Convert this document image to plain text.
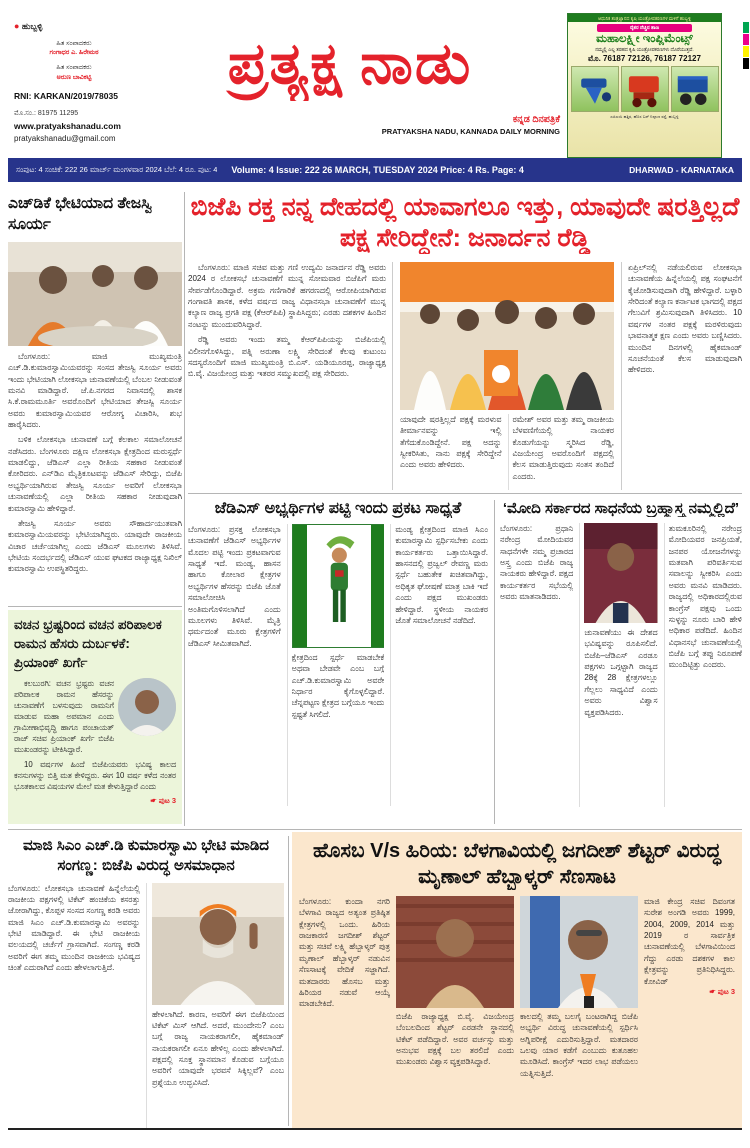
● ಹುಬ್ಬಳ್ಳಿ
ಹಿತ ಸಂಪಾದಕರು
ಗಂಗಾಧರ ಎ. ಹಿರೇಮಠ
ಹಿತ ಸಂಪಾದಕರು
ಅರುಣ ಬಾವಿಕಟ್ಟಿ
RNI: KARKAN/2019/78035
ಮೊ.ಸಂ.: 81975 11295
www.pratyakshanadu.com
pratyakshanadu@gmail.com
ಪ್ರತ್ಯಕ್ಷ ನಾಡು
ಕನ್ನಡ ದಿನಪತ್ರಿಕೆ
PRATYAKSHA NADU, KANNADA DAILY MORNING
ಆಧುನಿಕ ತಂತ್ರಜ್ಞಾನದ ಕೃಷಿ ಯಂತ್ರೋಪಕರಣಗಳ ಮಳಿಗೆ ಹುಬ್ಬಳ್ಳಿ
ರೈತರ ನೆಚ್ಚಿನ ತಾಣ
ಮಹಾಲಕ್ಷ್ಮೀ ಇಂಪ್ಲಿಮೆಂಟ್ಸ್
ನಮ್ಮಲ್ಲಿ ಎಲ್ಲ ತರಹದ ಕೃಷಿ ಯಂತ್ರೋಪಕರಣಗಳು ದೊರೆಯುತ್ತವೆ.
ಮೊ. 76187 72126, 76187 72127
ಎಪಿಎಂಸಿ ಹತ್ತಿರ, ಹೊಸ ಬಸ್ ನಿಲ್ದಾಣ ರಸ್ತೆ, ಹುಬ್ಬಳ್ಳಿ
ಸಂಪುಟ: 4 ಸಂಚಿಕೆ: 222 26 ಮಾರ್ಚ್ ಮಂಗಳವಾರ 2024 ಬೆಲೆ: 4 ರೂ. ಪುಟ: 4 Volume: 4 Issue: 222 26 MARCH, TUESDAY 2024 Price: 4 Rs. Page: 4	DHARWAD - KARNATAKA
ಎಚ್‌ಡಿಕೆ ಭೇಟಿಯಾದ ತೇಜಸ್ವಿ ಸೂರ್ಯ

ಬೆಂಗಳೂರು: ಮಾಜಿ ಮುಖ್ಯಮಂತ್ರಿ ಎಚ್.ಡಿ.ಕುಮಾರಸ್ವಾಮಿಯವರನ್ನು ಸಂಸದ ತೇಜಸ್ವಿ ಸೂರ್ಯ ಅವರು ಇಂದು ಭೇಟಿಯಾಗಿ ಲೋಕಸಭಾ ಚುನಾವಣೆಯಲ್ಲಿ ಬೆಂಬಲ ನೀಡುವಂತೆ ಮನವಿ ಮಾಡಿದ್ದಾರೆ. ಜೆ.ಪಿ.ನಗರದ ನಿವಾಸದಲ್ಲಿ ಶಾಸಕ ಸಿ.ಕೆ.ರಾಮಮೂರ್ತಿ ಅವರೊಂದಿಗೆ ಭೇಟಿಯಾದ ತೇಜಸ್ವಿ ಸೂರ್ಯ ಅವರು ಕುಮಾರಸ್ವಾಮಿಯವರ ಆರೋಗ್ಯ ವಿಚಾರಿಸಿ, ಶುಭ ಹಾರೈಸಿದರು.

ಬಳಿಕ ಲೋಕಸಭಾ ಚುನಾವಣೆ ಬಗ್ಗೆ ಕೆಲಕಾಲ ಸಮಾಲೋಚನೆ ನಡೆಸಿದರು. ಬೆಂಗಳೂರು ದಕ್ಷಿಣ ಲೋಕಸಭಾ ಕ್ಷೇತ್ರದಿಂದ ಮರುಸ್ಪರ್ಧೆ ಮಾಡಲಿದ್ದು, ಜೆಡಿಎಸ್ ಎಲ್ಲಾ ರೀತಿಯ ಸಹಕಾರ ನೀಡುವಂತೆ ಕೋರಿದರು. ಎನ್‌ಡಿಎ ಮೈತ್ರಿಕೂಟವನ್ನು ಜೆಡಿಎಸ್ ಸೇರಿದ್ದು, ಬಿಜೆಪಿ ಅಭ್ಯರ್ಥಿಯಾಗಿರುವ ತೇಜಸ್ವಿ ಸೂರ್ಯ ಅವರಿಗೆ ಲೋಕಸಭಾ ಚುನಾವಣೆಯಲ್ಲಿ ಎಲ್ಲಾ ರೀತಿಯ ಸಹಕಾರ ನೀಡುವುದಾಗಿ ಕುಮಾರಸ್ವಾಮಿ ಹೇಳಿದ್ದಾರೆ.

ತೇಜಸ್ವಿ ಸೂರ್ಯ ಅವರು ಸೌಹಾರ್ದಯುತವಾಗಿ ಕುಮಾರಸ್ವಾಮಿಯವರನ್ನು ಭೇಟಿಯಾಗಿದ್ದರು. ಯಾವುದೇ ರಾಜಕೀಯ ವಿಚಾರ ಚರ್ಚೆಯಾಗಿಲ್ಲ ಎಂದು ಜೆಡಿಎಸ್ ಮೂಲಗಳು ತಿಳಿಸಿವೆ. ಭೇಟಿಯ ಸಂದರ್ಭದಲ್ಲಿ ಜೆಡಿಎಸ್ ಯುವ ಘಟಕದ ರಾಜ್ಯಾಧ್ಯಕ್ಷ ನಿಖಿಲ್ ಕುಮಾರಸ್ವಾಮಿ ಉಪಸ್ಥಿತರಿದ್ದರು.

ಬಿಜೆಪಿ ರಕ್ತ ನನ್ನ ದೇಹದಲ್ಲಿ ಯಾವಾಗಲೂ ಇತ್ತು, ಯಾವುದೇ ಷರತ್ತಿಲ್ಲದೆ ಪಕ್ಷ ಸೇರಿದ್ದೇನೆ: ಜನಾರ್ದನ ರೆಡ್ಡಿ

ಬೆಂಗಳೂರು: ಮಾಜಿ ಸಚಿವ ಮತ್ತು ಗಣಿ ಉದ್ಯಮಿ ಜನಾರ್ದನ ರೆಡ್ಡಿ ಅವರು 2024 ರ ಲೋಕಸಭೆ ಚುನಾವಣೆಗೆ ಮುನ್ನ ಸೋಮವಾರ ಬಿಜೆಪಿಗೆ ಮರು ಸೇರ್ಪಡೆಗೊಂಡಿದ್ದಾರೆ. ಅಕ್ರಮ ಗಣಿಗಾರಿಕೆ ಹಗರಣದಲ್ಲಿ ಆರೋಪಿಯಾಗಿರುವ ಗಂಗಾವತಿ ಶಾಸಕ, ಕಳೆದ ವರ್ಷದ ರಾಜ್ಯ ವಿಧಾನಸಭಾ ಚುನಾವಣೆಗೆ ಮುನ್ನ ಕಲ್ಯಾಣ ರಾಜ್ಯ ಪ್ರಗತಿ ಪಕ್ಷ (ಕೆಆರ್‌ಪಿಪಿ) ಸ್ಥಾಪಿಸಿದ್ದರು; ಎರಡು ದಶಕಗಳ ಹಿಂದಿನ ನಂಟನ್ನು ಮುಂದುವರಿಸಿದ್ದಾರೆ.

ರೆಡ್ಡಿ ಅವರು ಇಂದು ತಮ್ಮ ಕೆಆರ್‌ಪಿಪಿಯನ್ನು ಬಿಜೆಪಿಯಲ್ಲಿ ವಿಲೀನಗೊಳಿಸಿದ್ದು, ಪತ್ನಿ ಅರುಣಾ ಲಕ್ಷ್ಮಿ ಸೇರಿದಂತೆ ಕೆಲವು ಕುಟುಂಬ ಸದಸ್ಯರೊಂದಿಗೆ ಮಾಜಿ ಮುಖ್ಯಮಂತ್ರಿ ಬಿ.ಎಸ್. ಯಡಿಯೂರಪ್ಪ, ರಾಜ್ಯಾಧ್ಯಕ್ಷ ಬಿ.ವೈ. ವಿಜಯೇಂದ್ರ ಮತ್ತು ಇತರರ ಸಮ್ಮುಖದಲ್ಲಿ ಪಕ್ಷ ಸೇರಿದರು.

ಯಾವುದೇ ಷರತ್ತಿಲ್ಲದೆ ಪಕ್ಷಕ್ಕೆ ಮರಳುವ ತೀರ್ಮಾನವನ್ನು ಇಲ್ಲಿ ತೆಗೆದುಕೊಂಡಿದ್ದೇನೆ. ಪಕ್ಷ ಅದನ್ನು ಸ್ವೀಕರಿಸಿತು, ನಾನು ಪಕ್ಷಕ್ಕೆ ಸೇರಿದ್ದೇನೆ ಎಂದು ಅವರು ಹೇಳಿದರು.
ರಮೇಶ್ ಅವರ ಮತ್ತು ತಮ್ಮ ರಾಜಕೀಯ ಬೆಳವಣಿಗೆಯಲ್ಲಿ ನಾಯಕರ ಕೊಡುಗೆಯನ್ನು ಸ್ಮರಿಸಿದ ರೆಡ್ಡಿ, ವಿಜಯೇಂದ್ರ ಅವರೊಂದಿಗೆ ಪಕ್ಷದಲ್ಲಿ ಕೆಲಸ ಮಾಡುತ್ತಿರುವುದು ಸಂತಸ ತಂದಿದೆ ಎಂದರು.
ಏಪ್ರಿಲ್‌ನಲ್ಲಿ ನಡೆಯಲಿರುವ ಲೋಕಸಭಾ ಚುನಾವಣೆಯ ಹಿನ್ನೆಲೆಯಲ್ಲಿ ಪಕ್ಷ ಸಂಘಟನೆಗೆ ಕೈಜೋಡಿಸುವುದಾಗಿ ರೆಡ್ಡಿ ಹೇಳಿದ್ದಾರೆ. ಬಳ್ಳಾರಿ ಸೇರಿದಂತೆ ಕಲ್ಯಾಣ ಕರ್ನಾಟಕ ಭಾಗದಲ್ಲಿ ಪಕ್ಷದ ಗೆಲುವಿಗೆ ಶ್ರಮಿಸುವುದಾಗಿ ತಿಳಿಸಿದರು. 10 ವರ್ಷಗಳ ನಂತರ ಪಕ್ಷಕ್ಕೆ ಮರಳಿರುವುದು ಭಾವನಾತ್ಮಕ ಕ್ಷಣ ಎಂದು ಅವರು ಬಣ್ಣಿಸಿದರು. ಮುಂದಿನ ದಿನಗಳಲ್ಲಿ ಹೈಕಮಾಂಡ್ ಸೂಚನೆಯಂತೆ ಕೆಲಸ ಮಾಡುವುದಾಗಿ ಹೇಳಿದರು.
ಜೆಡಿಎಸ್ ಅಭ್ಯರ್ಥಿಗಳ ಪಟ್ಟಿ ಇಂದು ಪ್ರಕಟ ಸಾಧ್ಯತೆ
ಬೆಂಗಳೂರು: ಪ್ರಸಕ್ತ ಲೋಕಸಭಾ ಚುನಾವಣೆಗೆ ಜೆಡಿಎಸ್ ಅಭ್ಯರ್ಥಿಗಳ ಮೊದಲ ಪಟ್ಟಿ ಇಂದು ಪ್ರಕಟವಾಗುವ ಸಾಧ್ಯತೆ ಇದೆ. ಮಂಡ್ಯ, ಹಾಸನ ಹಾಗೂ ಕೋಲಾರ ಕ್ಷೇತ್ರಗಳ ಅಭ್ಯರ್ಥಿಗಳ ಹೆಸರನ್ನು ಬಿಜೆಪಿ ಜೊತೆ ಸಮಾಲೋಚಿಸಿ ಅಂತಿಮಗೊಳಿಸಲಾಗಿದೆ ಎಂದು ಮೂಲಗಳು ತಿಳಿಸಿವೆ. ಮೈತ್ರಿ ಧರ್ಮದಂತೆ ಮೂರು ಕ್ಷೇತ್ರಗಳಿಗೆ ಜೆಡಿಎಸ್ ಸೀಮಿತವಾಗಿದೆ.
ಕ್ಷೇತ್ರದಿಂದ ಸ್ಪರ್ಧೆ ಮಾಡಬೇಕೆ ಅಥವಾ ಬೇಡವೇ ಎಂಬ ಬಗ್ಗೆ ಎಚ್.ಡಿ.ಕುಮಾರಸ್ವಾಮಿ ಅವರೇ ನಿರ್ಧಾರ ಕೈಗೊಳ್ಳಲಿದ್ದಾರೆ. ಚೆನ್ನಪಟ್ಟಣ ಕ್ಷೇತ್ರದ ಬಗ್ಗೆಯೂ ಇಂದು ಸ್ಪಷ್ಟತೆ ಸಿಗಲಿದೆ.
ಮಂಡ್ಯ ಕ್ಷೇತ್ರದಿಂದ ಮಾಜಿ ಸಿಎಂ ಕುಮಾರಸ್ವಾಮಿ ಸ್ಪರ್ಧಿಸಬೇಕು ಎಂದು ಕಾರ್ಯಕರ್ತರು ಒತ್ತಾಯಿಸಿದ್ದಾರೆ. ಹಾಸನದಲ್ಲಿ ಪ್ರಜ್ವಲ್ ರೇವಣ್ಣ ಮರು ಸ್ಪರ್ಧೆ ಬಹುತೇಕ ಖಚಿತವಾಗಿದ್ದು, ಅಧಿಕೃತ ಘೋಷಣೆ ಮಾತ್ರ ಬಾಕಿ ಇದೆ ಎಂದು ಪಕ್ಷದ ಮುಖಂಡರು ಹೇಳಿದ್ದಾರೆ. ಸ್ಥಳೀಯ ನಾಯಕರ ಜೊತೆ ಸಮಾಲೋಚನೆ ನಡೆದಿದೆ.
‘ಮೋದಿ ಸರ್ಕಾರದ ಸಾಧನೆಯ ಬ್ರಹ್ಮಾಸ್ತ್ರ ನಮ್ಮಲ್ಲಿದೆ’
ಬೆಂಗಳೂರು: ಪ್ರಧಾನಿ ನರೇಂದ್ರ ಮೋದಿಯವರ ಸಾಧನೆಗಳೇ ನಮ್ಮ ಪ್ರಚಾರದ ಅಸ್ತ್ರ ಎಂದು ಬಿಜೆಪಿ ರಾಜ್ಯ ನಾಯಕರು ಹೇಳಿದ್ದಾರೆ. ಪಕ್ಷದ ಕಾರ್ಯಕರ್ತರ ಸಭೆಯಲ್ಲಿ ಅವರು ಮಾತನಾಡಿದರು.
ಚುನಾವಣೆಯು ಈ ದೇಶದ ಭವಿಷ್ಯವನ್ನು ರೂಪಿಸಲಿದೆ. ಬಿಜೆಪಿ–ಜೆಡಿಎಸ್ ಎರಡೂ ಪಕ್ಷಗಳು ಒಗ್ಗಟ್ಟಾಗಿ ರಾಜ್ಯದ 28ಕ್ಕೆ 28 ಕ್ಷೇತ್ರಗಳಲ್ಲೂ ಗೆಲ್ಲಲು ಸಾಧ್ಯವಿದೆ ಎಂದು ಅವರು ವಿಶ್ವಾಸ ವ್ಯಕ್ತಪಡಿಸಿದರು.
ತುಮಕೂರಿನಲ್ಲಿ ನರೇಂದ್ರ ಮೋದಿಯವರ ಜನಪ್ರಿಯತೆ, ಜನಪರ ಯೋಜನೆಗಳನ್ನು ಮತವಾಗಿ ಪರಿವರ್ತಿಸುವ ಸವಾಲನ್ನು ಸ್ವೀಕರಿಸಿ ಎಂದು ಅವರು ಮನವಿ ಮಾಡಿದರು. ರಾಜ್ಯದಲ್ಲಿ ಅಧಿಕಾರದಲ್ಲಿರುವ ಕಾಂಗ್ರೆಸ್ ಪಕ್ಷವು ಒಂದು ಸುಳ್ಳನ್ನು ನೂರು ಬಾರಿ ಹೇಳಿ ಅಧಿಕಾರ ಪಡೆದಿದೆ. ಹಿಂದಿನ ವಿಧಾನಸಭೆ ಚುನಾವಣೆಯಲ್ಲಿ ಬಿಜೆಪಿ ಬಗ್ಗೆ ತಪ್ಪು ನಿರೂಪಣೆ ಮುಂದಿಟ್ಟಿತ್ತು ಎಂದರು.
ವಚನ ಭ್ರಷ್ಟರಿಂದ ವಚನ ಪರಿಪಾಲಕ ರಾಮನ ಹೆಸರು ದುರ್ಬಳಕೆ: ಪ್ರಿಯಾಂಕ್ ಖರ್ಗೆ

ಕಲಬುರಗಿ: ವಚನ ಭ್ರಷ್ಟರು ವಚನ ಪರಿಪಾಲಕ ರಾಮನ ಹೆಸರನ್ನು ಚುನಾವಣೆಗೆ ಬಳಸುವುದು ರಾಮನಿಗೆ ಮಾಡುವ ಮಹಾ ಅಪಮಾನ ಎಂದು ಗ್ರಾಮೀಣಾಭಿವೃದ್ಧಿ ಹಾಗೂ ಪಂಚಾಯತ್ ರಾಜ್ ಸಚಿವ ಪ್ರಿಯಾಂಕ್ ಖರ್ಗೆ ಬಿಜೆಪಿ ಮುಖಂಡರನ್ನು ಟೀಕಿಸಿದ್ದಾರೆ.

10 ವರ್ಷಗಳ ಹಿಂದೆ ಬಿಜೆಪಿಯವರು ಭವಿಷ್ಯ ಕಾಲದ ಕನಸುಗಳನ್ನು ಬಿತ್ತಿ ಮತ ಕೇಳಿದ್ದರು. ಈಗ 10 ವರ್ಷ ಕಳೆದ ನಂತರ ಭೂತಕಾಲದ ವಿಷಯಗಳ ಮೇಲೆ ಮತ ಕೇಳುತ್ತಿದ್ದಾರೆ ಎಂದು

☛ ಪುಟ 3
ಮಾಜಿ ಸಿಎಂ ಎಚ್.ಡಿ ಕುಮಾರಸ್ವಾಮಿ ಭೇಟಿ ಮಾಡಿದ ಸಂಗಣ್ಣ: ಬಿಜೆಪಿ ವಿರುದ್ಧ ಅಸಮಾಧಾನ
ಬೆಂಗಳೂರು: ಲೋಕಸಭಾ ಚುನಾವಣೆ ಹಿನ್ನೆಲೆಯಲ್ಲಿ ರಾಜಕೀಯ ಪಕ್ಷಗಳಲ್ಲಿ ಟಿಕೆಟ್ ಹಂಚಿಕೆಯ ಕಸರತ್ತು ಜೋರಾಗಿದ್ದು, ಕೊಪ್ಪಳ ಸಂಸದ ಸಂಗಣ್ಣ ಕರಡಿ ಅವರು ಮಾಜಿ ಸಿಎಂ ಎಚ್.ಡಿ.ಕುಮಾರಸ್ವಾಮಿ ಅವರನ್ನು ಭೇಟಿ ಮಾಡಿದ್ದಾರೆ. ಈ ಭೇಟಿ ರಾಜಕೀಯ ವಲಯದಲ್ಲಿ ಚರ್ಚೆಗೆ ಗ್ರಾಸವಾಗಿದೆ. ಸಂಗಣ್ಣ ಕರಡಿ ಅವರಿಗೆ ಈಗ ತಮ್ಮ ಮುಂದಿನ ರಾಜಕೀಯ ಭವಿಷ್ಯದ ಚಿಂತೆ ಎದುರಾಗಿದೆ ಎಂದು ಹೇಳಲಾಗುತ್ತಿದೆ.
ಹೇಳಲಾಗಿದೆ. ಕಾರಣ, ಅವರಿಗೆ ಈಗ ಬಿಜೆಪಿಯಿಂದ ಟಿಕೆಟ್ ಮಿಸ್ ಆಗಿದೆ. ಅದರೆ, ಮುಂದೇನು? ಎಂಬ ಬಗ್ಗೆ ರಾಜ್ಯ ನಾಯಕರಾಗಲೀ, ಹೈಕಮಾಂಡ್ ನಾಯಕರಾಗಲೀ ಏನೂ ಹೇಳಿಲ್ಲ ಎಂದು ಹೇಳಲಾಗಿದೆ. ಪಕ್ಷದಲ್ಲಿ ಸೂಕ್ತ ಸ್ಥಾನಮಾನ ಕೊಡುವ ಬಗ್ಗೆಯೂ ಅವರಿಗೆ ಯಾವುದೇ ಭರವಸೆ ಸಿಕ್ಕಿಲ್ಲವೆ? ಎಂಬ ಪ್ರಶ್ನೆಯೂ ಉದ್ಭವಿಸಿದೆ.
ಹೊಸಬ V/s ಹಿರಿಯ: ಬೆಳಗಾವಿಯಲ್ಲಿ ಜಗದೀಶ್ ಶೆಟ್ಟರ್ ವಿರುದ್ಧ ಮೃಣಾಲ್ ಹೆಬ್ಬಾಳ್ಕರ್ ಸೆಣಸಾಟ
ಬೆಂಗಳೂರು: ಕುಂದಾ ನಗರಿ ಬೆಳಗಾವಿ ರಾಜ್ಯದ ಅತ್ಯಂತ ಪ್ರತಿಷ್ಠಿತ ಕ್ಷೇತ್ರಗಳಲ್ಲಿ ಒಂದು. ಹಿರಿಯ ರಾಜಕಾರಣಿ ಜಗದೀಶ್ ಶೆಟ್ಟರ್ ಮತ್ತು ಸಚಿವೆ ಲಕ್ಷ್ಮಿ ಹೆಬ್ಬಾಳ್ಕರ್ ಪುತ್ರ ಮೃಣಾಲ್ ಹೆಬ್ಬಾಳ್ಕರ್ ನಡುವಿನ ಸೆಣಸಾಟಕ್ಕೆ ವೇದಿಕೆ ಸಜ್ಜಾಗಿದೆ. ಮತದಾರರು ಹೊಸಬ ಮತ್ತು ಹಿರಿಯರ ನಡುವೆ ಆಯ್ಕೆ ಮಾಡಬೇಕಿದೆ.
ಬಿಜೆಪಿ ರಾಜ್ಯಾಧ್ಯಕ್ಷ ಬಿ.ವೈ. ವಿಜಯೇಂದ್ರ ಬೆಂಬಲದಿಂದ ಶೆಟ್ಟರ್ ಎರಡನೇ ಸ್ಥಾನದಲ್ಲಿ ಟಿಕೆಟ್ ಪಡೆದಿದ್ದಾರೆ. ಅವರ ವರ್ಚಸ್ಸು ಮತ್ತು ಅನುಭವ ಪಕ್ಷಕ್ಕೆ ಬಲ ತರಲಿದೆ ಎಂದು ಮುಖಂಡರು ವಿಶ್ವಾಸ ವ್ಯಕ್ತಪಡಿಸಿದ್ದಾರೆ.
ಕಾಲದಲ್ಲಿ ತಮ್ಮ ಬಲಗೈ ಬಂಟರಾಗಿದ್ದ ಬಿಜೆಪಿ ಅಭ್ಯರ್ಥಿ ವಿರುದ್ಧ ಚುನಾವಣೆಯಲ್ಲಿ ಸ್ಪರ್ಧಿಸಿ ಅಗ್ನಿಪರೀಕ್ಷೆ ಎದುರಿಸುತ್ತಿದ್ದಾರೆ. ಮತದಾರರ ಒಲವು ಯಾರ ಕಡೆಗೆ ಎಂಬುದು ಕುತೂಹಲ ಮೂಡಿಸಿದೆ. ಕಾಂಗ್ರೆಸ್ ಇದರ ಲಾಭ ಪಡೆಯಲು ಯತ್ನಿಸುತ್ತಿದೆ.
ಮಾಜಿ ಕೇಂದ್ರ ಸಚಿವ ದಿವಂಗತ ಸುರೇಶ ಅಂಗಡಿ ಅವರು 1999, 2004, 2009, 2014 ಮತ್ತು 2019 ರ ಸಾರ್ವತ್ರಿಕ ಚುನಾವಣೆಯಲ್ಲಿ ಬೆಳಗಾವಿಯಿಂದ ಗೆದ್ದು ಎರಡು ದಶಕಗಳ ಕಾಲ ಕ್ಷೇತ್ರವನ್ನು ಪ್ರತಿನಿಧಿಸಿದ್ದರು. ಕೋವಿಡ್
☛ ಪುಟ 3
